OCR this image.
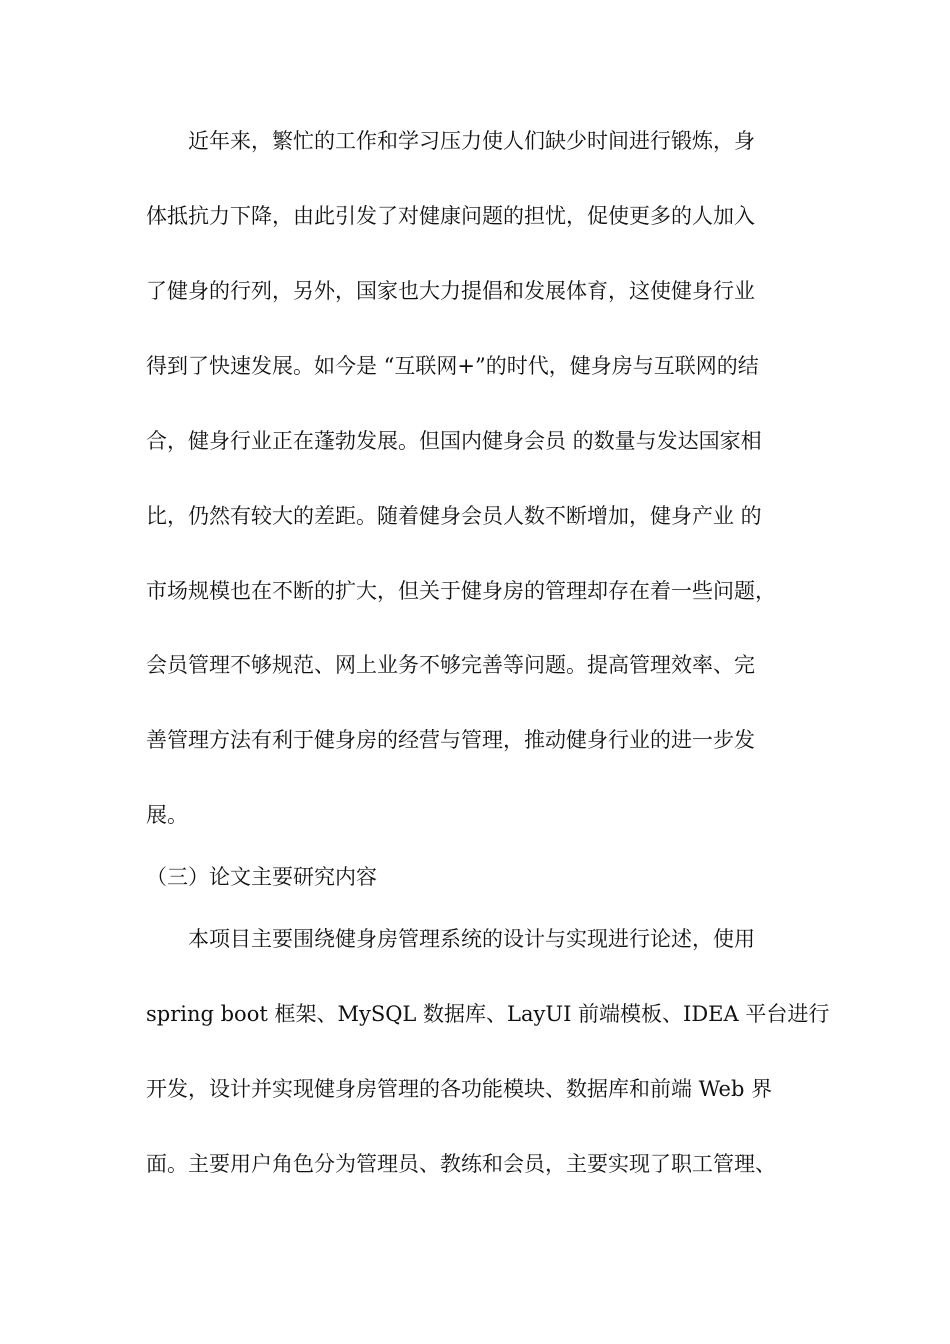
近年来，繁忙的工作和学习压力使人们缺少时间进行锻炼，身
体抵抗力下降，由此引发了对健康问题的担忧，促使更多的人加入
了健身的行列，另外，国家也大力提倡和发展体育，这使健身行业
得到了快速发展。如今是 “互联网+”的时代，健身房与互联网的结
合，健身行业正在蓬勃发展。但国内健身会员 的数量与发达国家相
比，仍然有较大的差距。随着健身会员人数不断增加，健身产业 的
市场规模也在不断的扩大，但关于健身房的管理却存在着一些问题，
会员管理不够规范、网上业务不够完善等问题。提高管理效率、完
善管理方法有利于健身房的经营与管理，推动健身行业的进一步发
展。
（三）论文主要研究内容
本项目主要围绕健身房管理系统的设计与实现进行论述，使用
spring boot 框架、MySQL 数据库、LayUI 前端模板、IDEA 平台进行
开发，设计并实现健身房管理的各功能模块、数据库和前端 Web 界
面。主要用户角色分为管理员、教练和会员，主要实现了职工管理、
